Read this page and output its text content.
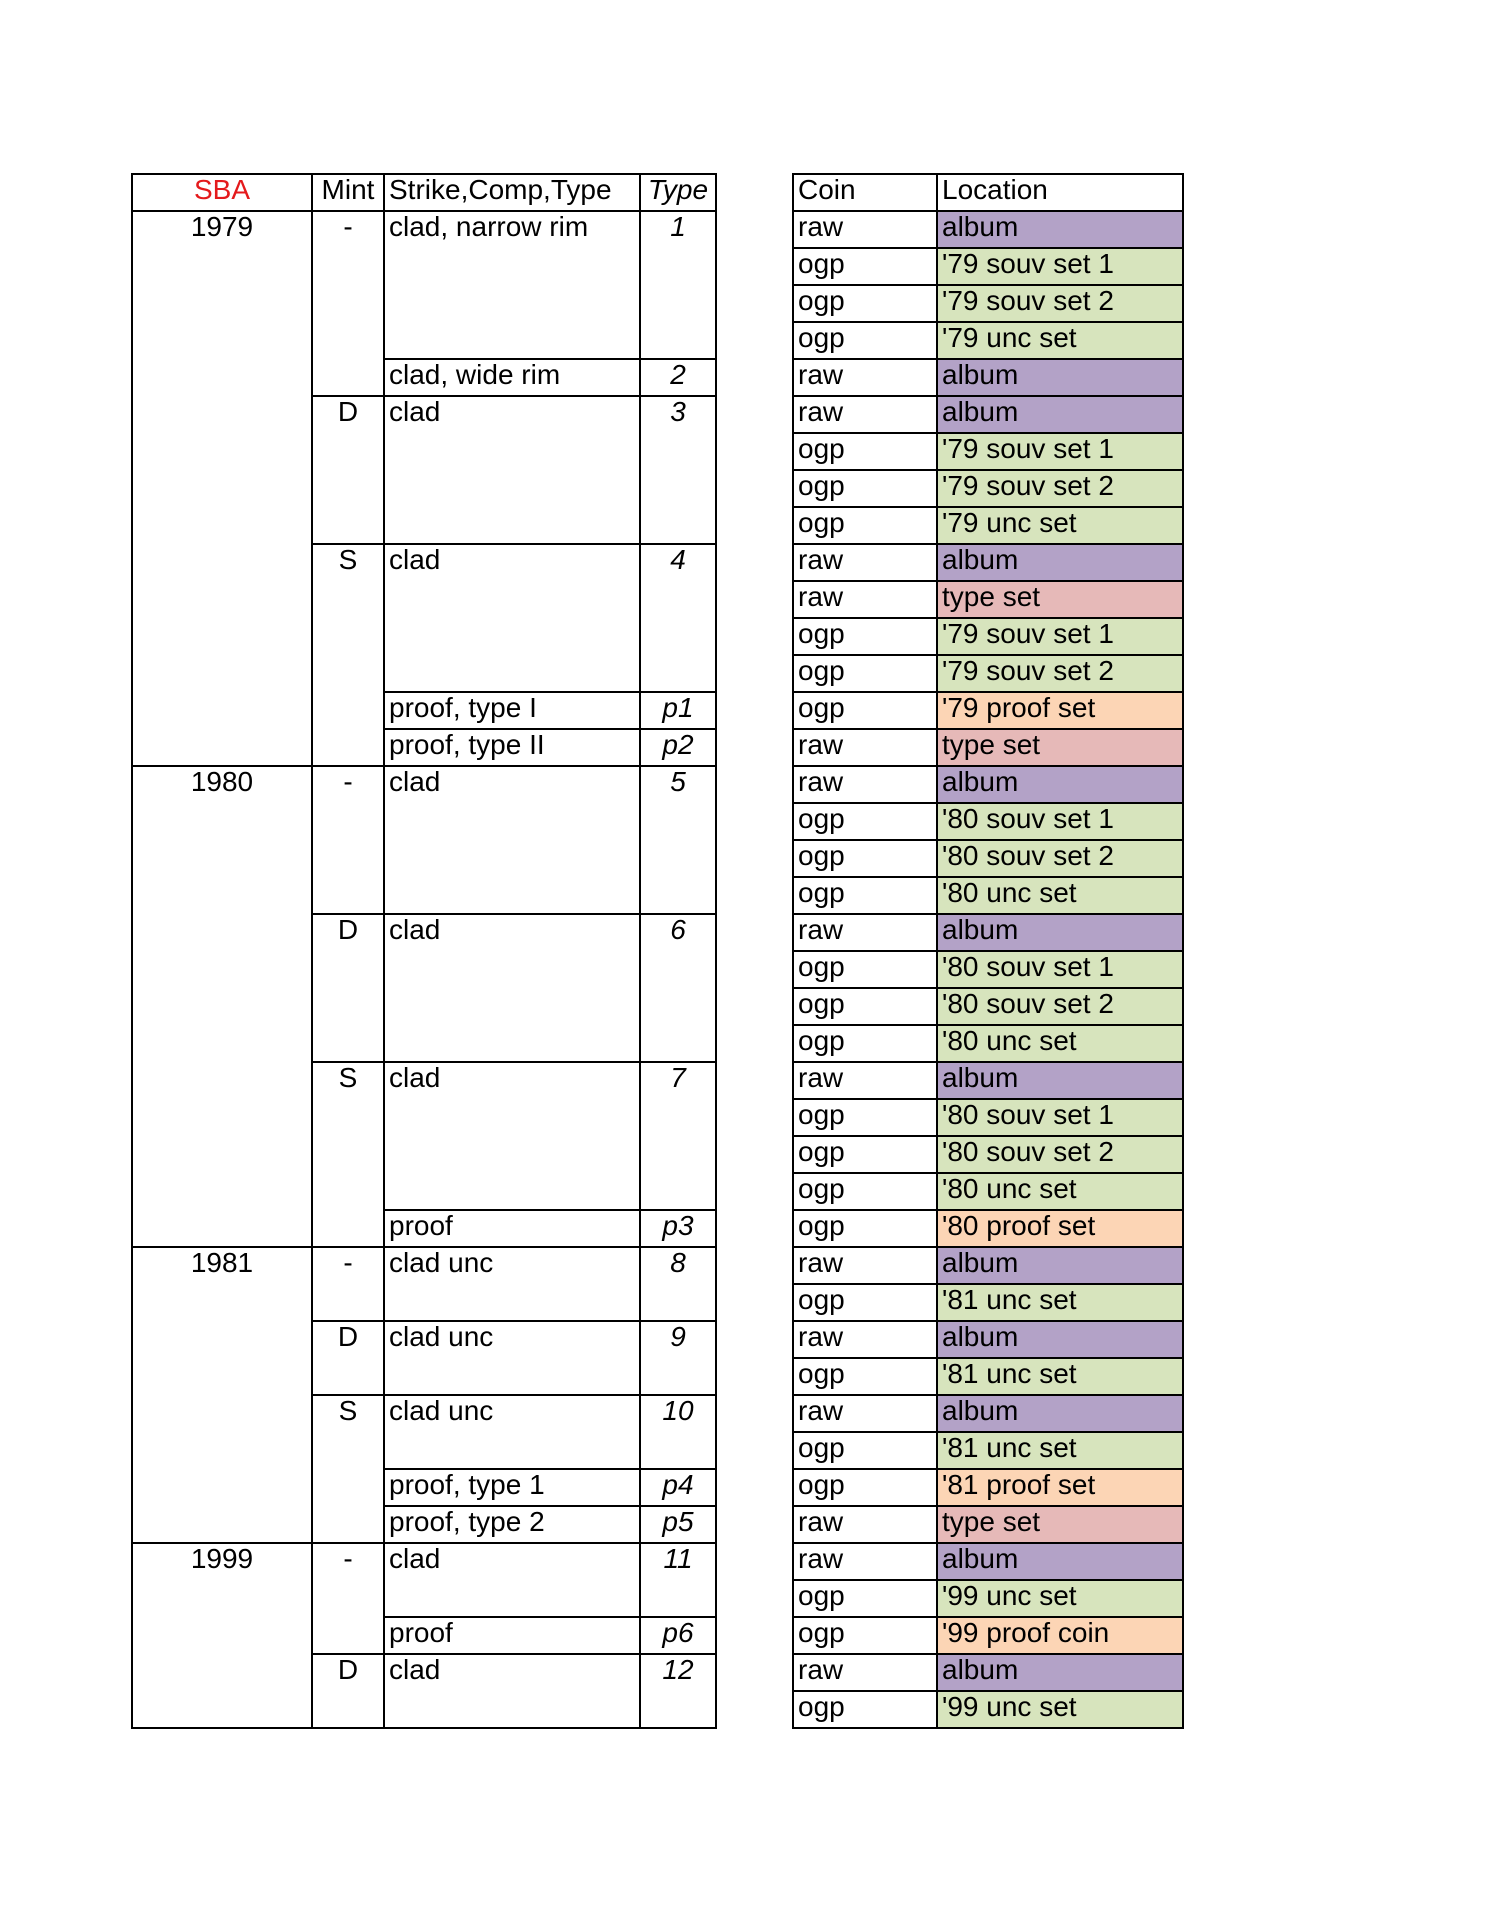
SBA	Mint	Strike,Comp,Type	Type
1979	-	clad, narrow rim	1

		clad, wide rim	2
	D	clad	3

	S	clad	4

		proof, type I	p1
		proof, type II	p2
1980	-	clad	5

	D	clad	6

	S	clad	7

		proof	p3
1981	-	clad unc	8

	D	clad unc	9

	S	clad unc	10

		proof, type 1	p4
		proof, type 2	p5
1999	-	clad	11

		proof	p6
	D	clad	12

Coin	Location
raw	album
ogp	'79 souv set 1
ogp	'79 souv set 2
ogp	'79 unc set
raw	album
raw	album
ogp	'79 souv set 1
ogp	'79 souv set 2
ogp	'79 unc set
raw	album
raw	type set
ogp	'79 souv set 1
ogp	'79 souv set 2
ogp	'79 proof set
raw	type set
raw	album
ogp	'80 souv set 1
ogp	'80 souv set 2
ogp	'80 unc set
raw	album
ogp	'80 souv set 1
ogp	'80 souv set 2
ogp	'80 unc set
raw	album
ogp	'80 souv set 1
ogp	'80 souv set 2
ogp	'80 unc set
ogp	'80 proof set
raw	album
ogp	'81 unc set
raw	album
ogp	'81 unc set
raw	album
ogp	'81 unc set
ogp	'81 proof set
raw	type set
raw	album
ogp	'99 unc set
ogp	'99 proof coin
raw	album
ogp	'99 unc set
